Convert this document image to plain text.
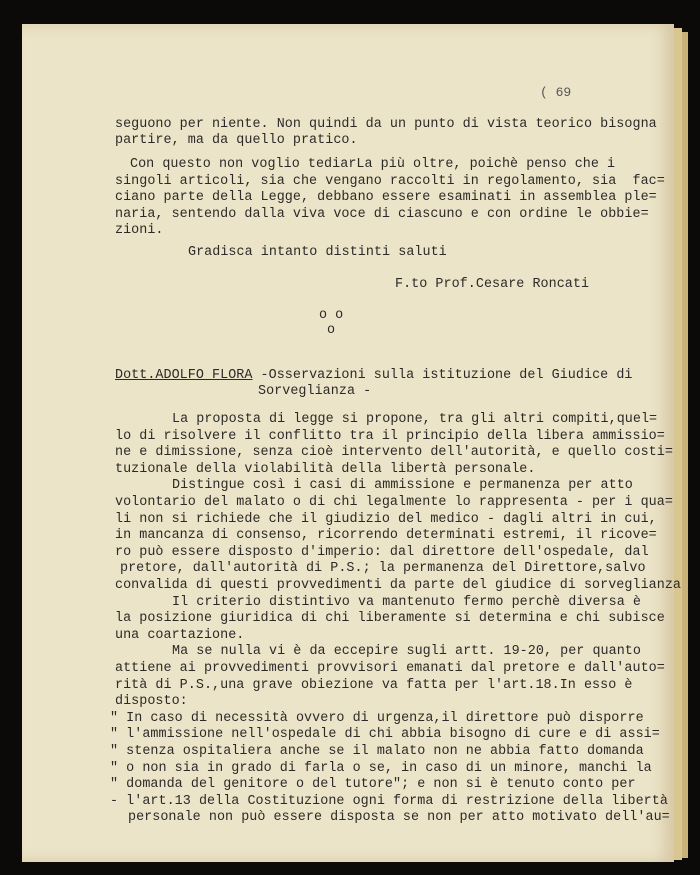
( 69
seguono per niente. Non quindi da un punto di vista teorico bisogna
partire, ma da quello pratico.
Con questo non voglio tediarLa più oltre, poichè penso che i
singoli articoli, sia che vengano raccolti in regolamento, sia  fac=
ciano parte della Legge, debbano essere esaminati in assemblea ple=
naria, sentendo dalla viva voce di ciascuno e con ordine le obbie=
zioni.
La proposta di legge si propone, tra gli altri compiti,quel=
lo di risolvere il conflitto tra il principio della libera ammissio=
ne e dimissione, senza cioè intervento dell'autorità, e quello costi=
tuzionale della violabilità della libertà personale.
Distingue così i casi di ammissione e permanenza per atto
volontario del malato o di chi legalmente lo rappresenta - per i qua=
li non si richiede che il giudizio del medico - dagli altri in cui,
in mancanza di consenso, ricorrendo determinati estremi, il ricove=
ro può essere disposto d'imperio: dal direttore dell'ospedale, dal
pretore, dall'autorità di P.S.; la permanenza del Direttore,salvo
convalida di questi provvedimenti da parte del giudice di sorveglianza
Il criterio distintivo va mantenuto fermo perchè diversa è
la posizione giuridica di chi liberamente si determina e chi subisce
una coartazione.
Ma se nulla vi è da eccepire sugli artt. 19-20, per quanto
attiene ai provvedimenti provvisori emanati dal pretore e dall'auto=
rità di P.S.,una grave obiezione va fatta per l'art.18.In esso è
disposto:
" In caso di necessità ovvero di urgenza,il direttore può disporre
" l'ammissione nell'ospedale di chi abbia bisogno di cure e di assi=
" stenza ospitaliera anche se il malato non ne abbia fatto domanda
" o non sia in grado di farla o se, in caso di un minore, manchi la
" domanda del genitore o del tutore"; e non si è tenuto conto per
- l'art.13 della Costituzione ogni forma di restrizione della libertà
personale non può essere disposta se non per atto motivato dell'au=
Gradisca intanto distinti saluti
F.to Prof.Cesare Roncati
o o
o
Dott.ADOLFO FLORA -Osservazioni sulla istituzione del Giudice di
Sorveglianza -
